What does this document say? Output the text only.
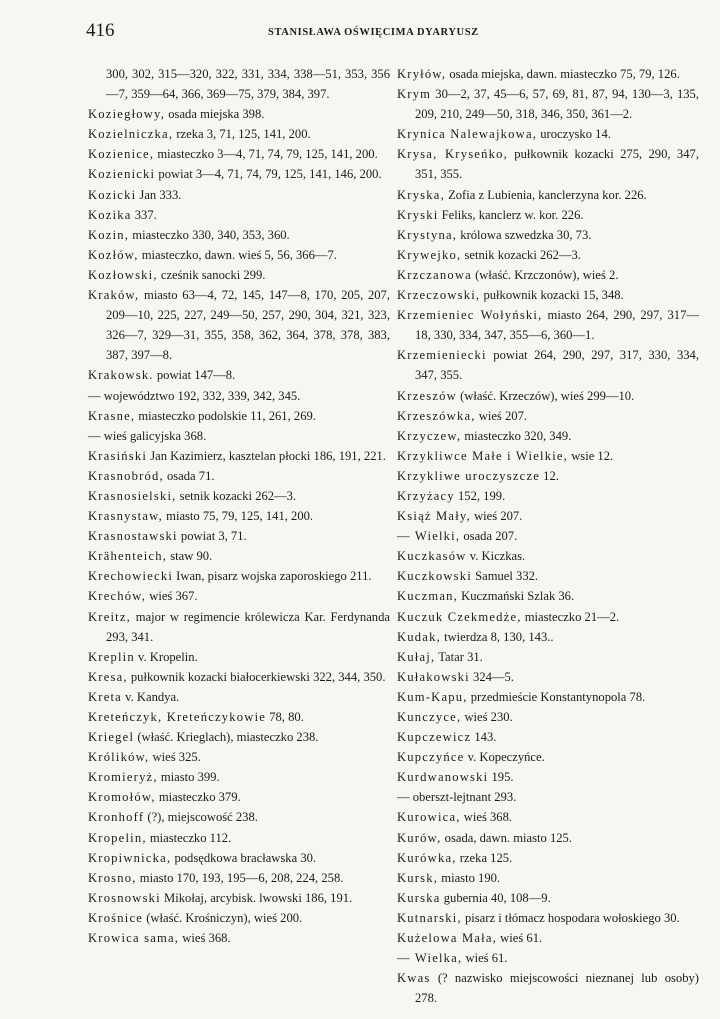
416	STANISŁAWA OŚWIĘCIMA DYARYUSZ

300, 302, 315—320, 322, 331, 334, 338—51, 353, 356—7, 359—64, 366, 369—75, 379, 384, 397.

Koziegłowy, osada miejska 398.

Kozielniczka, rzeka 3, 71, 125, 141, 200.

Kozienice, miasteczko 3—4, 71, 74, 79, 125, 141, 200.

Kozienicki powiat 3—4, 71, 74, 79, 125, 141, 146, 200.

Kozicki Jan 333.

Kozika 337.

Kozin, miasteczko 330, 340, 353, 360.

Kozłów, miasteczko, dawn. wieś 5, 56, 366—7.

Kozłowski, cześnik sanocki 299.

Kraków, miasto 63—4, 72, 145, 147—8, 170, 205, 207, 209—10, 225, 227, 249—50, 257, 290, 304, 321, 323, 326—7, 329—31, 355, 358, 362, 364, 378, 378, 383, 387, 397—8.

Krakowsk. powiat 147—8.

— województwo 192, 332, 339, 342, 345.

Krasne, miasteczko podolskie 11, 261, 269.

— wieś galicyjska 368.

Krasiński Jan Kazimierz, kasztelan płocki 186, 191, 221.

Krasnobród, osada 71.

Krasnosielski, setnik kozacki 262—3.

Krasnystaw, miasto 75, 79, 125, 141, 200.

Krasnostawski powiat 3, 71.

Krähenteich, staw 90.

Krechowiecki Iwan, pisarz wojska zaporoskiego 211.

Krechów, wieś 367.

Kreitz, major w regimencie królewicza Kar. Ferdynanda 293, 341.

Kreplin v. Kropelin.

Kresa, pułkownik kozacki białocerkiewski 322, 344, 350.

Kreta v. Kandya.

Kreteńczyk, Kreteńczykowie 78, 80.

Kriegel (właść. Krieglach), miasteczko 238.

Królików, wieś 325.

Kromieryż, miasto 399.

Kromołów, miasteczko 379.

Kronhoff (?), miejscowość 238.

Kropelin, miasteczko 112.

Kropiwnicka, podsędkowa bracławska 30.

Krosno, miasto 170, 193, 195—6, 208, 224, 258.

Krosnowski Mikołaj, arcybisk. lwowski 186, 191.

Krośnice (właść. Krośniczyn), wieś 200.

Krowica sama, wieś 368.

Kryłów, osada miejska, dawn. miasteczko 75, 79, 126.

Krym 30—2, 37, 45—6, 57, 69, 81, 87, 94, 130—3, 135, 209, 210, 249—50, 318, 346, 350, 361—2.

Krynica Nalewajkowa, uroczysko 14.

Krysa, Kryseńko, pułkownik kozacki 275, 290, 347, 351, 355.

Kryska, Zofia z Lubienia, kanclerzyna kor. 226.

Kryski Feliks, kanclerz w. kor. 226.

Krystyna, królowa szwedzka 30, 73.

Krywejko, setnik kozacki 262—3.

Krzczanowa (właść. Krzczonów), wieś 2.

Krzeczowski, pułkownik kozacki 15, 348.

Krzemieniec Wołyński, miasto 264, 290, 297, 317—18, 330, 334, 347, 355—6, 360—1.

Krzemieniecki powiat 264, 290, 297, 317, 330, 334, 347, 355.

Krzeszów (właść. Krzeczów), wieś 299—10.

Krzeszówka, wieś 207.

Krzyczew, miasteczko 320, 349.

Krzykliwce Małe i Wielkie, wsie 12.

Krzykliwe uroczyszcze 12.

Krzyżacy 152, 199.

Książ Mały, wieś 207.

— Wielki, osada 207.

Kuczkasów v. Kiczkas.

Kuczkowski Samuel 332.

Kuczman, Kuczmański Szlak 36.

Kuczuk Czekmedże, miasteczko 21—2.

Kudak, twierdza 8, 130, 143..

Kułaj, Tatar 31.

Kułakowski 324—5.

Kum-Kapu, przedmieście Konstantynopola 78.

Kunczyce, wieś 230.

Kupczewicz 143.

Kupczyńce v. Kopeczyńce.

Kurdwanowski 195.

— oberszt-lejtnant 293.

Kurowica, wieś 368.

Kurów, osada, dawn. miasto 125.

Kurówka, rzeka 125.

Kursk, miasto 190.

Kurska gubernia 40, 108—9.

Kutnarski, pisarz i tłómacz hospodara wołoskiego 30.

Kużelowa Mała, wieś 61.

— Wielka, wieś 61.

Kwas (? nazwisko miejscowości nieznanej lub osoby) 278.
